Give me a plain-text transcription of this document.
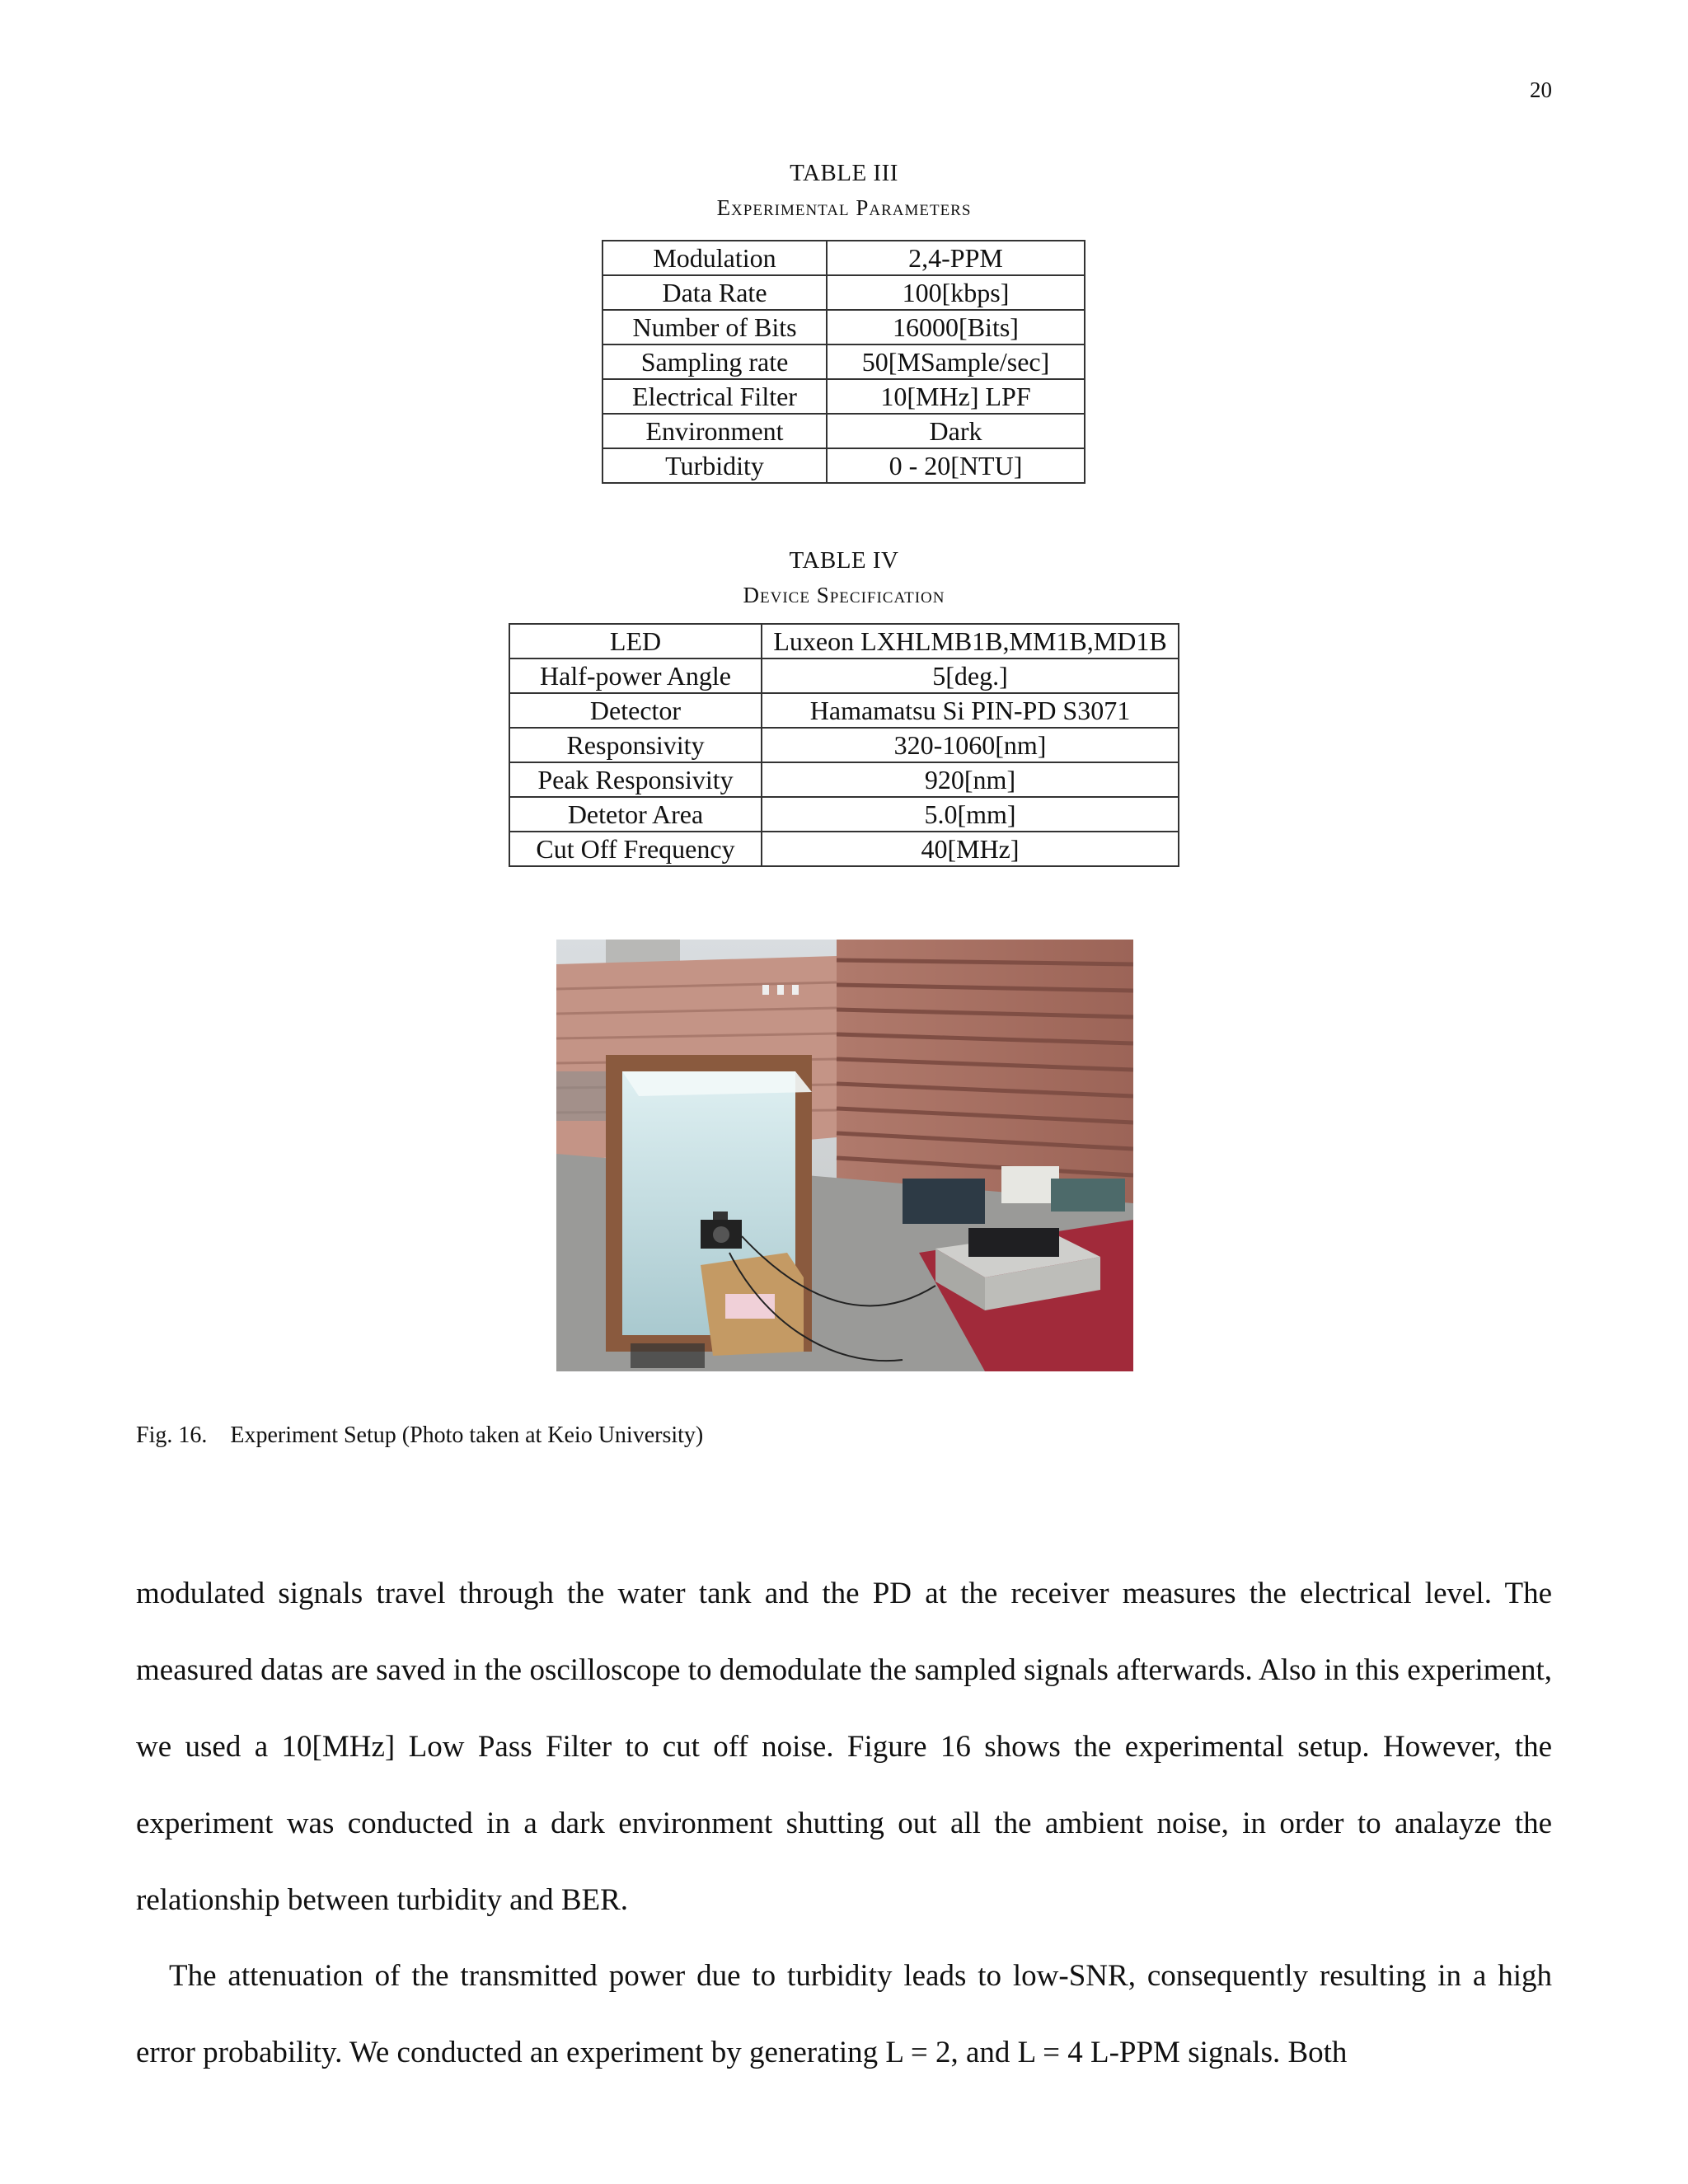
20
TABLE III
Experimental Parameters
Modulation	2,4-PPM
Data Rate	100[kbps]
Number of Bits	16000[Bits]
Sampling rate	50[MSample/sec]
Electrical Filter	10[MHz] LPF
Environment	Dark
Turbidity	0 - 20[NTU]
TABLE IV
Device Specification
LED	Luxeon LXHLMB1B,MM1B,MD1B
Half-power Angle	5[deg.]
Detector	Hamamatsu Si PIN-PD S3071
Responsivity	320-1060[nm]
Peak Responsivity	920[nm]
Detetor Area	5.0[mm]
Cut Off Frequency	40[MHz]
Fig. 16. Experiment Setup (Photo taken at Keio University)

modulated signals travel through the water tank and the PD at the receiver measures the electrical level. The measured datas are saved in the oscilloscope to demodulate the sampled signals afterwards. Also in this experiment, we used a 10[MHz] Low Pass Filter to cut off noise. Figure 16 shows the experimental setup. However, the experiment was conducted in a dark environment shutting out all the ambient noise, in order to analayze the relationship between turbidity and BER.

The attenuation of the transmitted power due to turbidity leads to low-SNR, consequently resulting in a high error probability. We conducted an experiment by generating L = 2, and L = 4 L-PPM signals. Both
